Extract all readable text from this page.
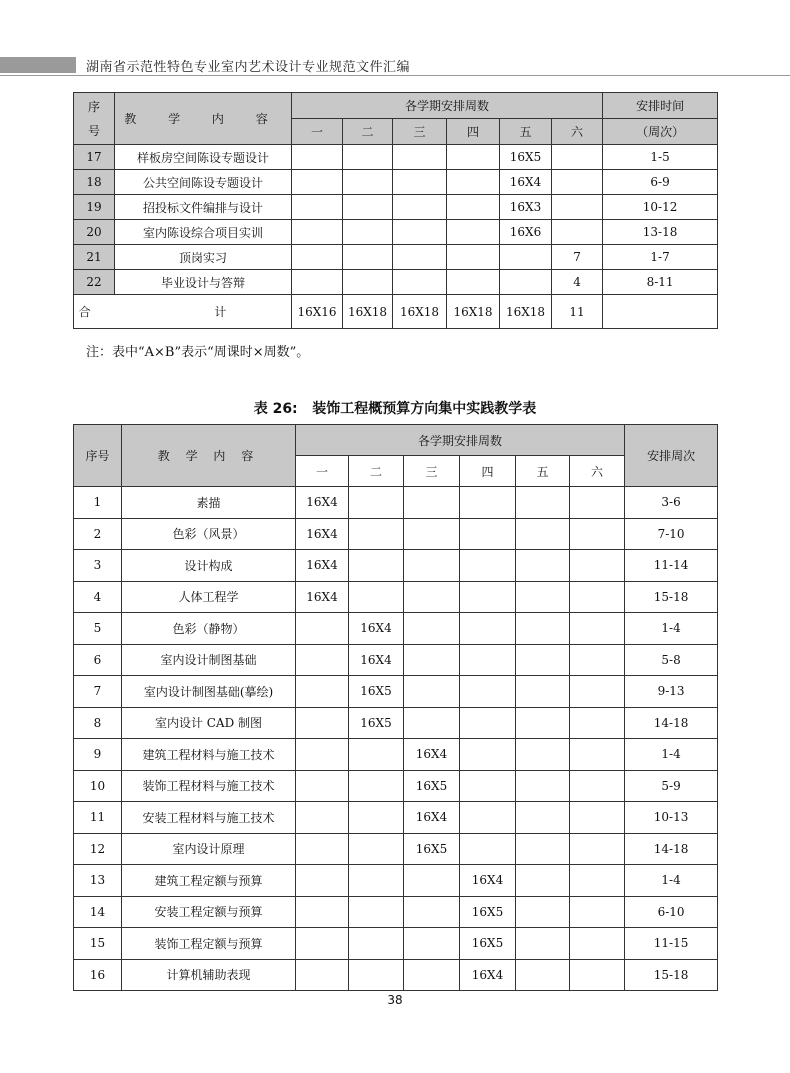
湖南省示范性特色专业室内艺术设计专业规范文件汇编
序号	教 学 内 容	各学期安排周数						安排时间
		一	二	三	四	五	六	（周次）
17	样板房空间陈设专题设计					16X5		1-5
18	公共空间陈设专题设计					16X4		6-9
19	招投标文件编排与设计					16X3		10-12
20	室内陈设综合项目实训					16X6		13-18
21	顶岗实习						7	1-7
22	毕业设计与答辩						4	8-11
合 计		16X16	16X18	16X18	16X18	16X18	11	
注：表中“A×B”表示“周课时×周数”。
表 26:   装饰工程概预算方向集中实践教学表
序号	教 学 内 容	各学期安排周数						安排周次
		一	二	三	四	五	六	
1	素描	16X4						3-6
2	色彩（风景）	16X4						7-10
3	设计构成	16X4						11-14
4	人体工程学	16X4						15-18
5	色彩（静物）		16X4					1-4
6	室内设计制图基础		16X4					5-8
7	室内设计制图基础(摹绘)		16X5					9-13
8	室内设计 CAD 制图		16X5					14-18
9	建筑工程材料与施工技术			16X4				1-4
10	装饰工程材料与施工技术			16X5				5-9
11	安装工程材料与施工技术			16X4				10-13
12	室内设计原理			16X5				14-18
13	建筑工程定额与预算				16X4			1-4
14	安装工程定额与预算				16X5			6-10
15	装饰工程定额与预算				16X5			11-15
16	计算机辅助表现				16X4			15-18
38
